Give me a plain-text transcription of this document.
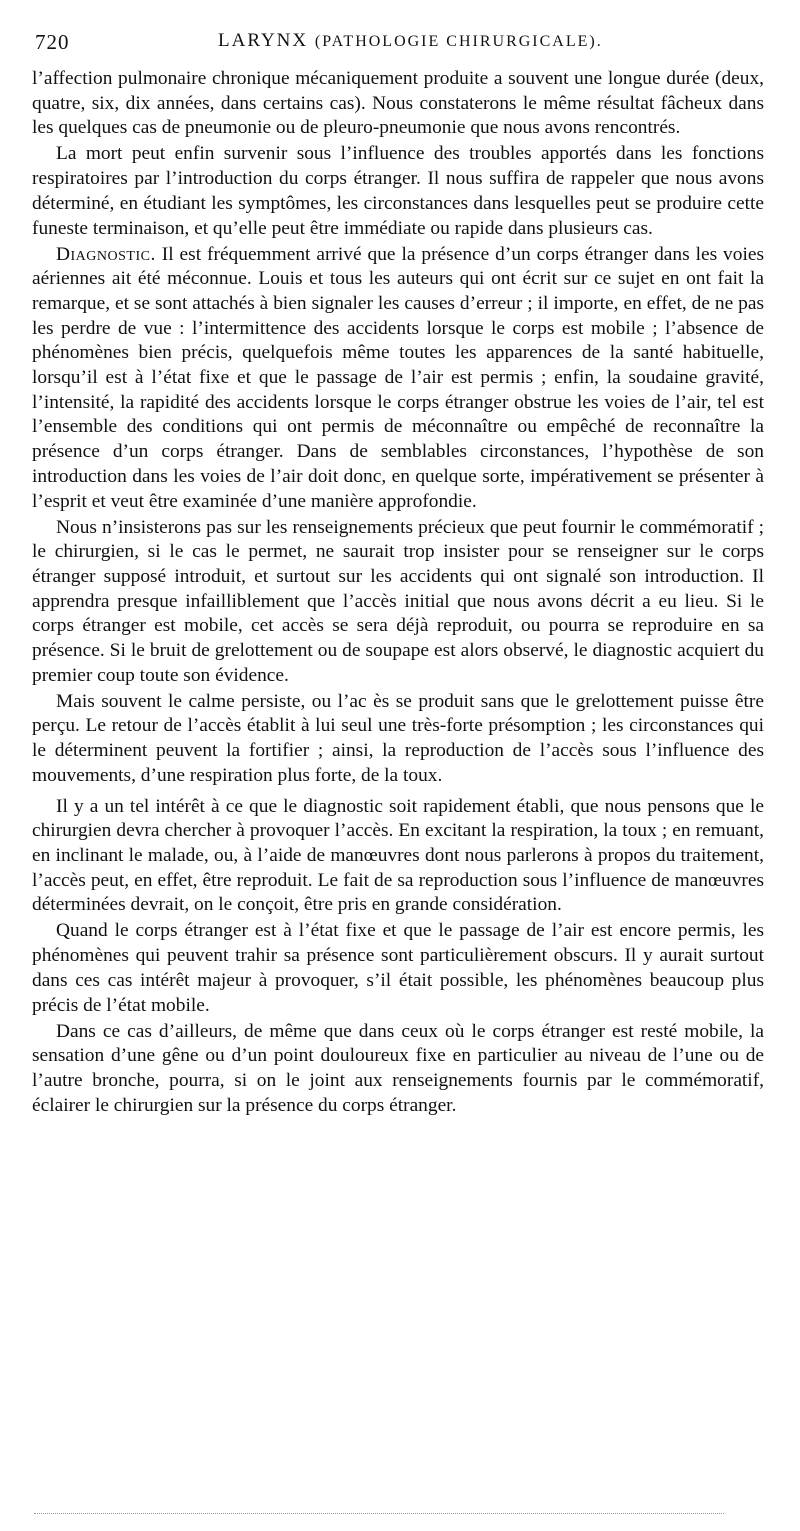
720	LARYNX (PATHOLOGIE CHIRURGICALE).

l’affection pulmonaire chronique mécaniquement produite a souvent une longue durée (deux, quatre, six, dix années, dans certains cas). Nous constaterons le même résultat fâcheux dans les quelques cas de pneumonie ou de pleuro-pneumonie que nous avons rencontrés.

La mort peut enfin survenir sous l’influence des troubles apportés dans les fonctions respiratoires par l’introduction du corps étranger. Il nous suffira de rappeler que nous avons déterminé, en étudiant les symptômes, les circonstances dans lesquelles peut se produire cette funeste terminaison, et qu’elle peut être immédiate ou rapide dans plusieurs cas.

Diagnostic. Il est fréquemment arrivé que la présence d’un corps étranger dans les voies aériennes ait été méconnue. Louis et tous les auteurs qui ont écrit sur ce sujet en ont fait la remarque, et se sont attachés à bien signaler les causes d’erreur ; il importe, en effet, de ne pas les perdre de vue : l’intermittence des accidents lorsque le corps est mobile ; l’absence de phénomènes bien précis, quelquefois même toutes les apparences de la santé habituelle, lorsqu’il est à l’état fixe et que le passage de l’air est permis ; enfin, la soudaine gravité, l’intensité, la rapidité des accidents lorsque le corps étranger obstrue les voies de l’air, tel est l’ensemble des conditions qui ont permis de méconnaître ou empêché de reconnaître la présence d’un corps étranger. Dans de semblables circonstances, l’hypothèse de son introduction dans les voies de l’air doit donc, en quelque sorte, impérativement se présenter à l’esprit et veut être examinée d’une manière approfondie.

Nous n’insisterons pas sur les renseignements précieux que peut fournir le commémoratif ; le chirurgien, si le cas le permet, ne saurait trop insister pour se renseigner sur le corps étranger supposé introduit, et surtout sur les accidents qui ont signalé son introduction. Il apprendra presque infailliblement que l’accès initial que nous avons décrit a eu lieu. Si le corps étranger est mobile, cet accès se sera déjà reproduit, ou pourra se reproduire en sa présence. Si le bruit de grelottement ou de soupape est alors observé, le diagnostic acquiert du premier coup toute son évidence.

Mais souvent le calme persiste, ou l’ac ès se produit sans que le grelottement puisse être perçu. Le retour de l’accès établit à lui seul une très-forte présomption ; les circonstances qui le déterminent peuvent la fortifier ; ainsi, la reproduction de l’accès sous l’influence des mouvements, d’une respiration plus forte, de la toux.

Il y a un tel intérêt à ce que le diagnostic soit rapidement établi, que nous pensons que le chirurgien devra chercher à provoquer l’accès. En excitant la respiration, la toux ; en remuant, en inclinant le malade, ou, à l’aide de manœuvres dont nous parlerons à propos du traitement, l’accès peut, en effet, être reproduit. Le fait de sa reproduction sous l’influence de manœuvres déterminées devrait, on le conçoit, être pris en grande considération.

Quand le corps étranger est à l’état fixe et que le passage de l’air est encore permis, les phénomènes qui peuvent trahir sa présence sont particulièrement obscurs. Il y aurait surtout dans ces cas intérêt majeur à provoquer, s’il était possible, les phénomènes beaucoup plus précis de l’état mobile.

Dans ce cas d’ailleurs, de même que dans ceux où le corps étranger est resté mobile, la sensation d’une gêne ou d’un point douloureux fixe en particulier au niveau de l’une ou de l’autre bronche, pourra, si on le joint aux renseignements fournis par le commémoratif, éclairer le chirurgien sur la présence du corps étranger.
